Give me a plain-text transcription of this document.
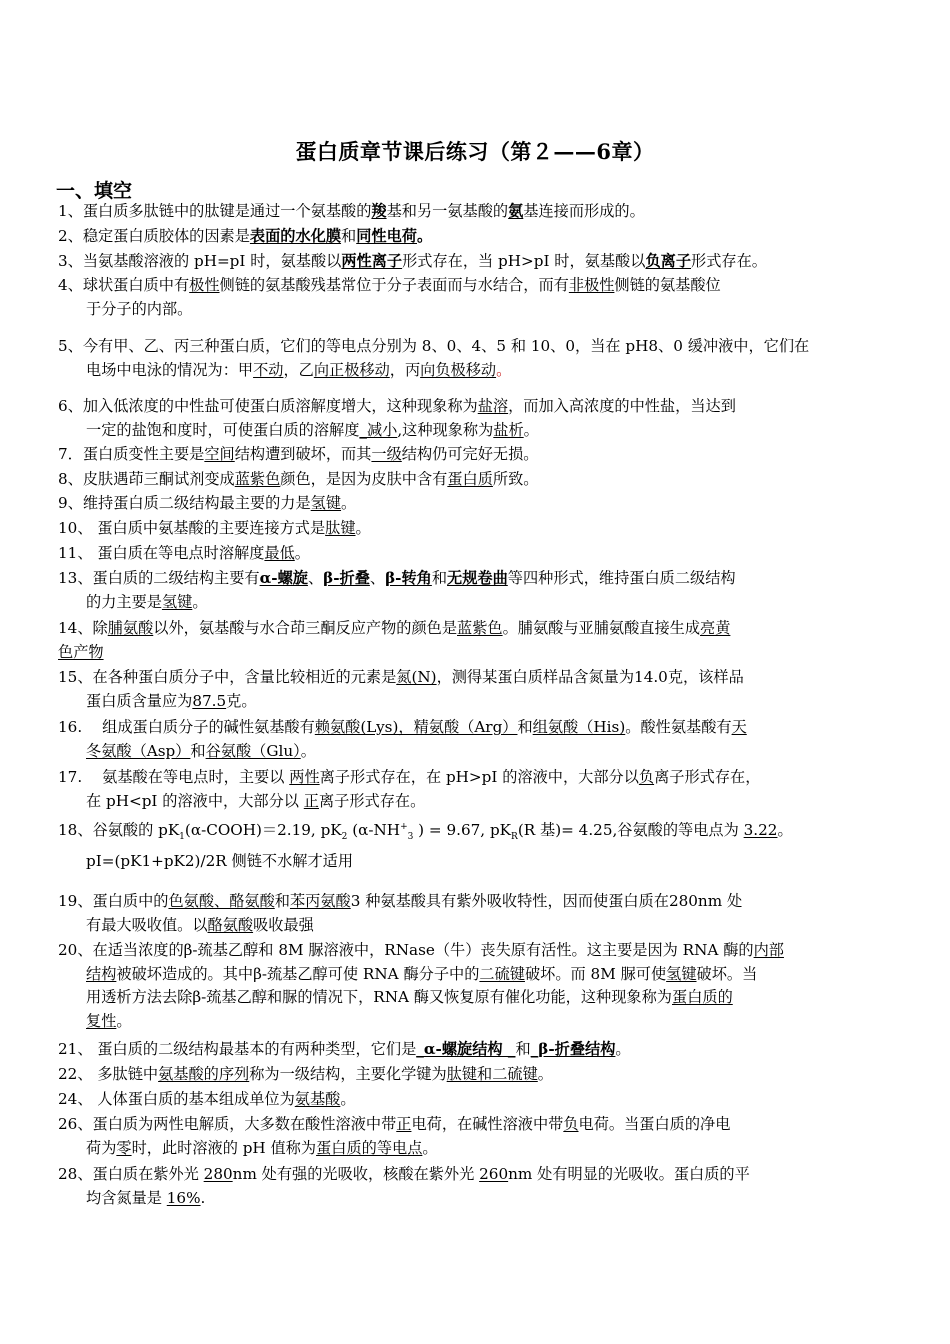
蛋白质章节课后练习（第２——6章）
一、填空
1、蛋白质多肽链中的肽键是通过一个氨基酸的羧基和另一氨基酸的氨基连接而形成的。
2、稳定蛋白质胶体的因素是表面的水化膜和同性电荷。
3、当氨基酸溶液的 pH=pI 时，氨基酸以两性离子形式存在，当 pH>pI 时，氨基酸以负离子形式存在。
4、球状蛋白质中有极性侧链的氨基酸残基常位于分子表面而与水结合，而有非极性侧链的氨基酸位
于分子的内部。
5、今有甲、乙、丙三种蛋白质，它们的等电点分别为 8、0、4、5 和 10、0，当在 pH8、0 缓冲液中，它们在
电场中电泳的情况为：甲不动，乙向正极移动，丙向负极移动。
6、加入低浓度的中性盐可使蛋白质溶解度增大，这种现象称为盐溶，而加入高浓度的中性盐，当达到
一定的盐饱和度时，可使蛋白质的溶解度_减小,这种现象称为盐析。
7．蛋白质变性主要是空间结构遭到破坏，而其一级结构仍可完好无损。
8、皮肤遇茚三酮试剂变成蓝紫色颜色，是因为皮肤中含有蛋白质所致。
9、维持蛋白质二级结构最主要的力是氢键。
10、 蛋白质中氨基酸的主要连接方式是肽键。
11、 蛋白质在等电点时溶解度最低。
13、蛋白质的二级结构主要有α-螺旋、β-折叠、β-转角和无规卷曲等四种形式，维持蛋白质二级结构
的力主要是氢键。
14、除脯氨酸以外，氨基酸与水合茚三酮反应产物的颜色是蓝紫色。脯氨酸与亚脯氨酸直接生成亮黄
色产物
15、在各种蛋白质分子中，含量比较相近的元素是氮(N)，测得某蛋白质样品含氮量为14.0克，该样品
蛋白质含量应为87.5克。
16.　 组成蛋白质分子的碱性氨基酸有赖氨酸(Lys)，精氨酸（Arg）和组氨酸（His)。酸性氨基酸有天
冬氨酸（Asp）和谷氨酸（Glu）。
17.　 氨基酸在等电点时，主要以 两性离子形式存在，在 pH>pI 的溶液中，大部分以负离子形式存在，
在 pH<pI 的溶液中，大部分以 正离子形式存在。
18、谷氨酸的 $pK_1(\alpha-COOH)=2.19$, $pK_2$ ($\alpha-NH^+_3$ ) = 9.67, $pK_R(R$ 基)= 4.25,谷氨酸的等电点为 3.22。
pI=(pK1+pK2)/2R 侧链不水解才适用
19、蛋白质中的色氨酸、酪氨酸和苯丙氨酸3 种氨基酸具有紫外吸收特性，因而使蛋白质在280nm 处
有最大吸收值。以酪氨酸吸收最强
20、在适当浓度的β-巯基乙醇和 8M 脲溶液中，RNase（牛）丧失原有活性。这主要是因为 RNA 酶的内部
结构被破坏造成的。其中β-巯基乙醇可使 RNA 酶分子中的二硫键破坏。而 8M 脲可使氢键破坏。当
用透析方法去除β-巯基乙醇和脲的情况下，RNA 酶又恢复原有催化功能，这种现象称为蛋白质的
复性。
21、 蛋白质的二级结构最基本的有两种类型，它们是_α-螺旋结构 _和_β-折叠结构。
22、 多肽链中氨基酸的序列称为一级结构，主要化学键为肽键和二硫键。
24、 人体蛋白质的基本组成单位为氨基酸。
26、蛋白质为两性电解质，大多数在酸性溶液中带正电荷，在碱性溶液中带负电荷。当蛋白质的净电
荷为零时，此时溶液的 pH 值称为蛋白质的等电点。
28、蛋白质在紫外光 280nm 处有强的光吸收，核酸在紫外光 260nm 处有明显的光吸收。蛋白质的平
均含氮量是 16%.
